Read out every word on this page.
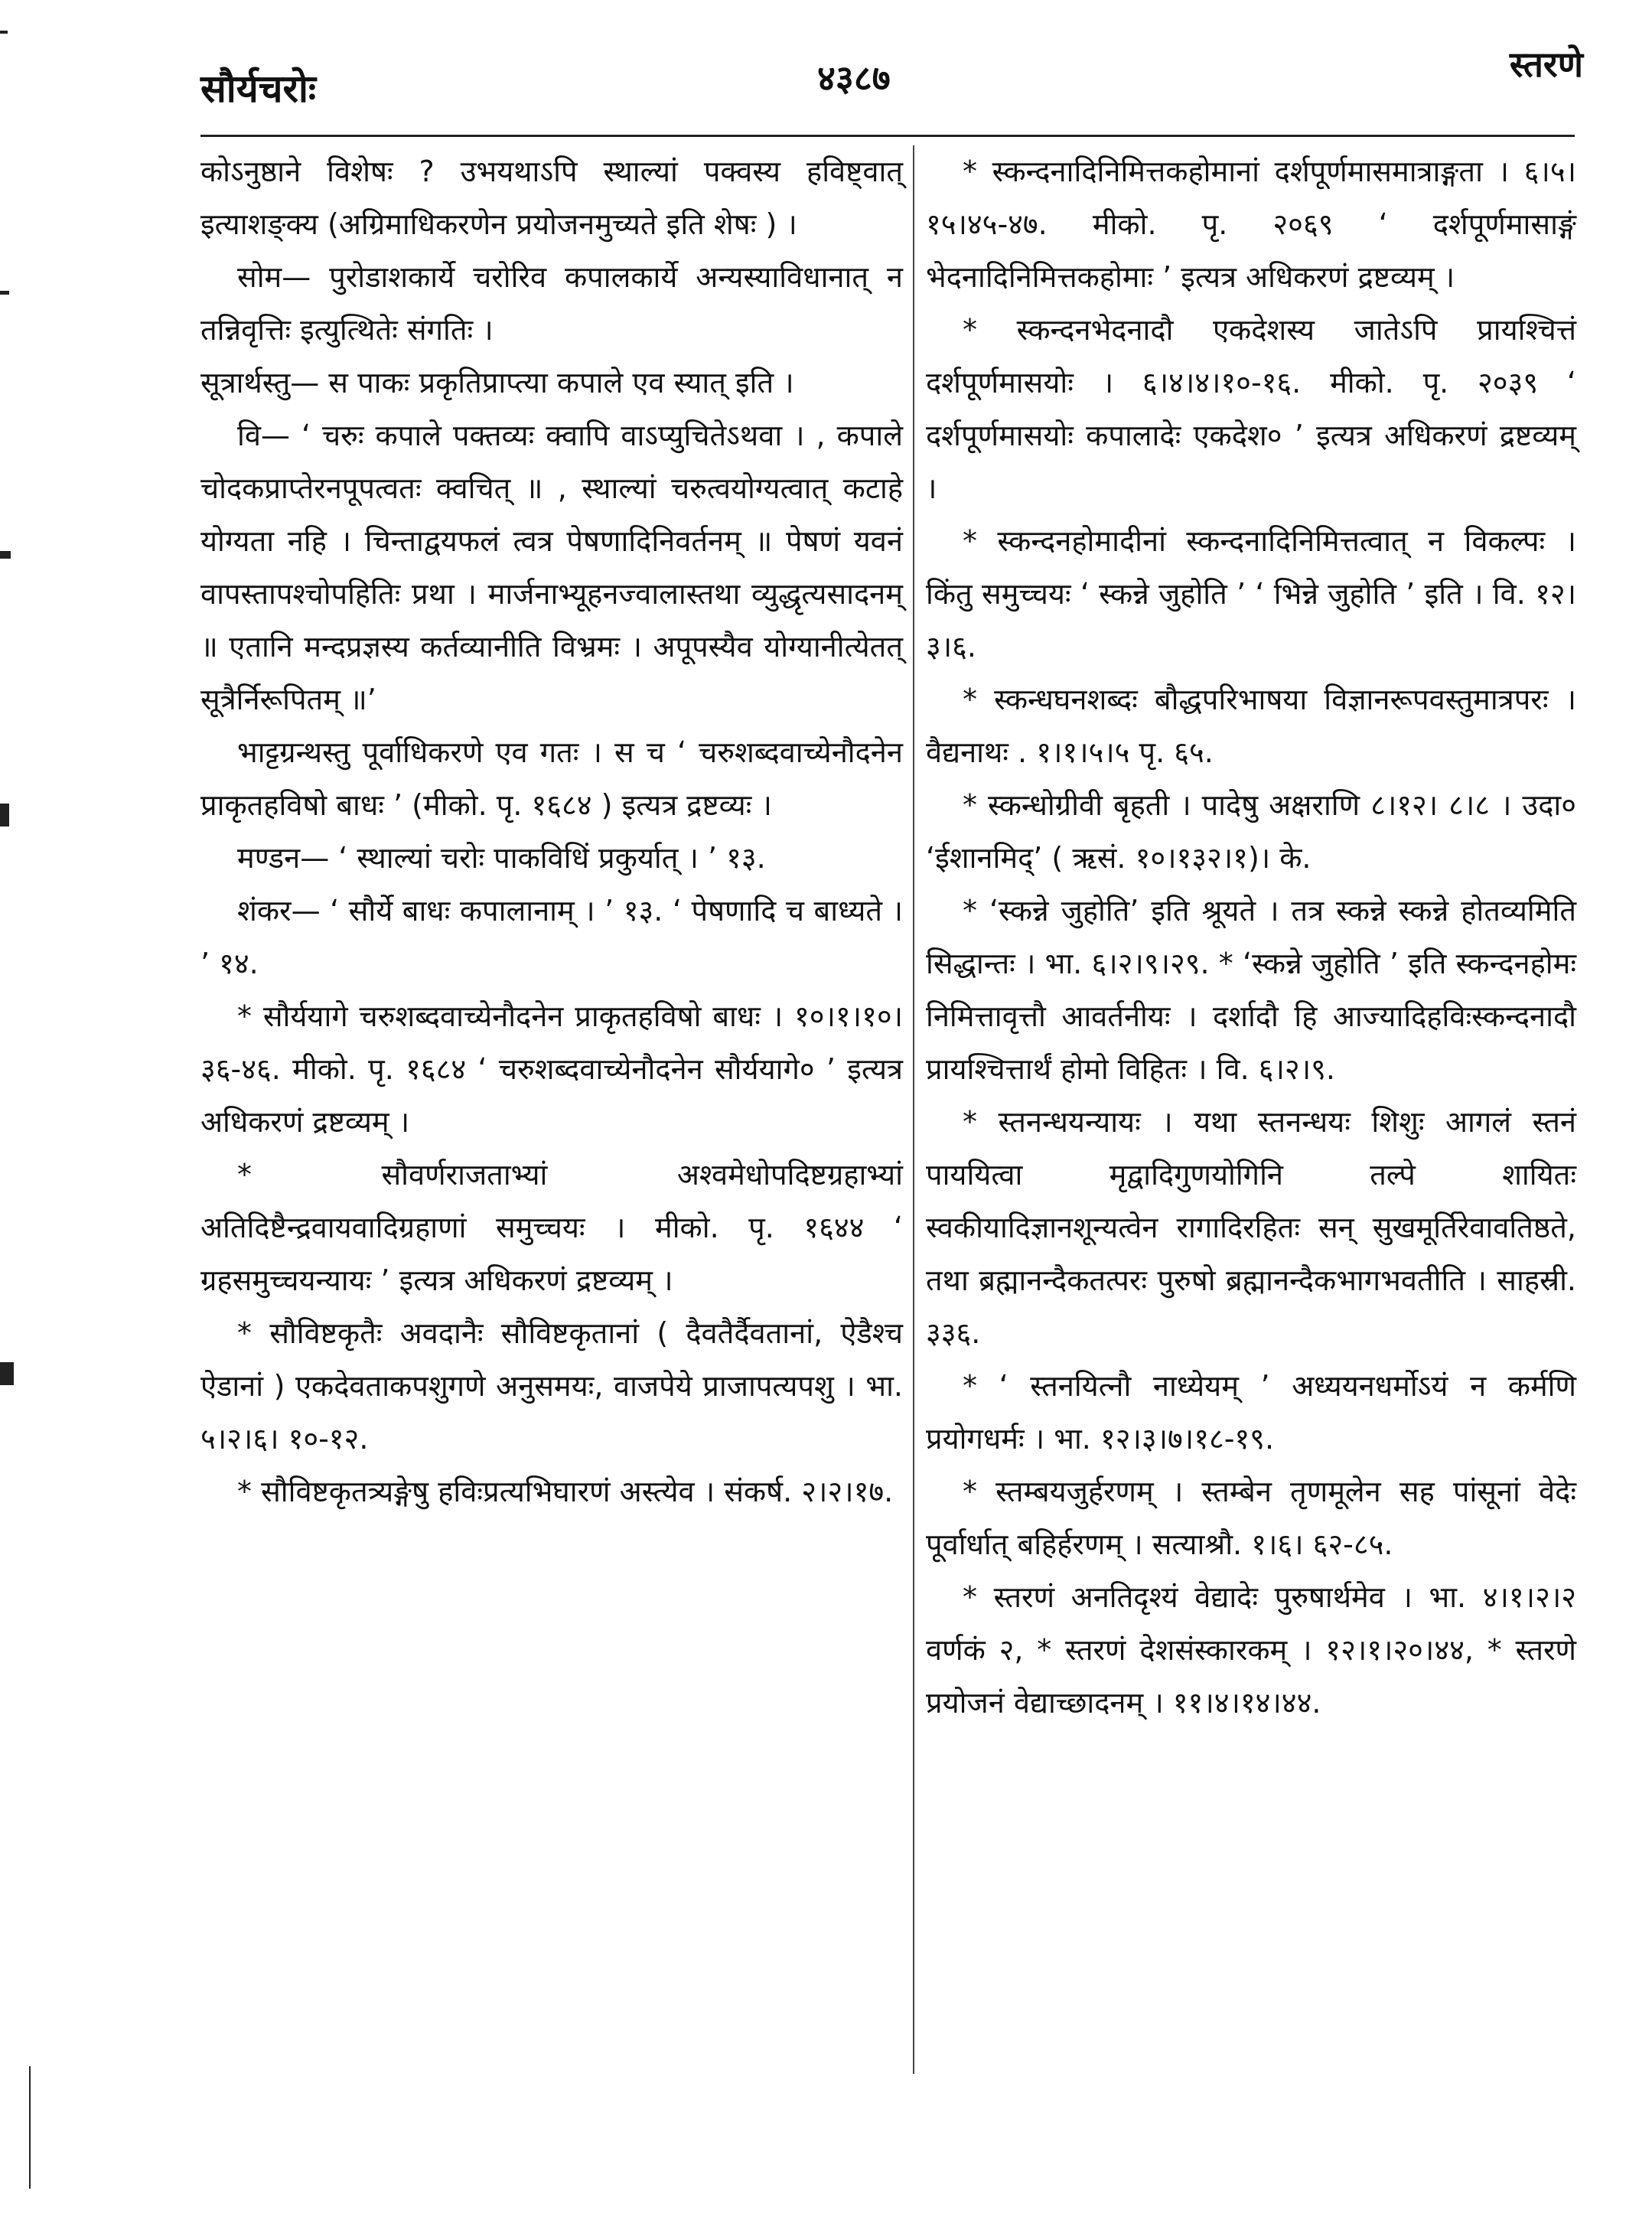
सौर्यचरोः	४३८७	स्तरणे

कोऽनुष्ठाने विशेषः ? उभयथाऽपि स्थाल्यां पक्वस्य हविष्ट्वात् इत्याशङ्क्य (अग्रिमाधिकरणेन प्रयोजनमुच्यते इति शेषः ) ।

सोम— पुरोडाशकार्ये चरोरिव कपालकार्ये अन्यस्याविधानात् न तन्निवृत्तिः इत्युत्थितेः संगतिः ।

सूत्रार्थस्तु— स पाकः प्रकृतिप्राप्त्या कपाले एव स्यात् इति ।

वि— ‘ चरुः कपाले पक्तव्यः क्वापि वाऽप्युचितेऽथवा । , कपाले चोदकप्राप्तेरनपूपत्वतः क्वचित् ॥ , स्थाल्यां चरुत्वयोग्यत्वात् कटाहे योग्यता नहि । चिन्ताद्वयफलं त्वत्र पेषणादिनिवर्तनम् ॥ पेषणं यवनं वापस्तापश्चोपहितिः प्रथा । मार्जनाभ्यूहनज्वालास्तथा व्युद्धृत्यसादनम् ॥ एतानि मन्दप्रज्ञस्य कर्तव्यानीति विभ्रमः । अपूपस्यैव योग्यानीत्येतत् सूत्रैर्निरूपितम् ॥’

भाट्टग्रन्थस्तु पूर्वाधिकरणे एव गतः । स च ‘ चरुशब्दवाच्येनौदनेन प्राकृतहविषो बाधः ’ (मीको. पृ. १६८४ ) इत्यत्र द्रष्टव्यः ।

मण्डन— ‘ स्थाल्यां चरोः पाकविधिं प्रकुर्यात् । ’ १३.

शंकर— ‘ सौर्ये बाधः कपालानाम् । ’ १३. ‘ पेषणादि च बाध्यते । ’ १४.

* सौर्ययागे चरुशब्दवाच्येनौदनेन प्राकृतहविषो बाधः । १०।१।१०।३६-४६. मीको. पृ. १६८४ ‘ चरुशब्दवाच्येनौदनेन सौर्ययागे० ’ इत्यत्र अधिकरणं द्रष्टव्यम् ।

* सौवर्णराजताभ्यां अश्वमेधोपदिष्टग्रहाभ्यां अतिदिष्टैन्द्रवायवादिग्रहाणां समुच्चयः । मीको. पृ. १६४४ ‘ ग्रहसमुच्चयन्यायः ’ इत्यत्र अधिकरणं द्रष्टव्यम् ।

* सौविष्टकृतैः अवदानैः सौविष्टकृतानां ( दैवतैर्दैवतानां, ऐडैश्च ऐडानां ) एकदेवताकपशुगणे अनुसमयः, वाजपेये प्राजापत्यपशु । भा. ५।२।६। १०-१२.

* सौविष्टकृतत्र्यङ्गेषु हविःप्रत्यभिघारणं अस्त्येव । संकर्ष. २।२।१७.

* स्कन्दनादिनिमित्तकहोमानां दर्शपूर्णमासमात्राङ्गता । ६।५।१५।४५-४७. मीको. पृ. २०६९ ‘ दर्शपूर्णमासाङ्गं भेदनादिनिमित्तकहोमाः ’ इत्यत्र अधिकरणं द्रष्टव्यम् ।

* स्कन्दनभेदनादौ एकदेशस्य जातेऽपि प्रायश्चित्तं दर्शपूर्णमासयोः । ६।४।४।१०-१६. मीको. पृ. २०३९ ‘ दर्शपूर्णमासयोः कपालादेः एकदेश० ’ इत्यत्र अधिकरणं द्रष्टव्यम् ।

* स्कन्दनहोमादीनां स्कन्दनादिनिमित्तत्वात् न विकल्पः । किंतु समुच्चयः ‘ स्कन्ने जुहोति ’ ‘ भिन्ने जुहोति ’ इति । वि. १२।३।६.

* स्कन्धघनशब्दः बौद्धपरिभाषया विज्ञानरूपवस्तुमात्रपरः । वैद्यनाथः . १।१।५।५ पृ. ६५.

* स्कन्धोग्रीवी बृहती । पादेषु अक्षराणि ८।१२। ८।८ । उदा० ‘ईशानमिद्’ ( ऋसं. १०।१३२।१)। के.

* ‘स्कन्ने जुहोति’ इति श्रूयते । तत्र स्कन्ने स्कन्ने होतव्यमिति सिद्धान्तः । भा. ६।२।९।२९. * ‘स्कन्ने जुहोति ’ इति स्कन्दनहोमः निमित्तावृत्तौ आवर्तनीयः । दर्शादौ हि आज्यादिहविःस्कन्दनादौ प्रायश्चित्तार्थं होमो विहितः । वि. ६।२।९.

* स्तनन्धयन्यायः । यथा स्तनन्धयः शिशुः आगलं स्तनं पाययित्वा मृद्वादिगुणयोगिनि तल्पे शायितः स्वकीयादिज्ञानशून्यत्वेन रागादिरहितः सन् सुखमूर्तिरेवावतिष्ठते, तथा ब्रह्मानन्दैकतत्परः पुरुषो ब्रह्मानन्दैकभागभवतीति । साहस्री. ३३६.

* ‘ स्तनयित्नौ नाध्येयम् ’ अध्ययनधर्मोऽयं न कर्मणि प्रयोगधर्मः । भा. १२।३।७।१८-१९.

* स्तम्बयजुर्हरणम् । स्तम्बेन तृणमूलेन सह पांसूनां वेदेः पूर्वार्धात् बहिर्हरणम् । सत्याश्रौ. १।६। ६२-८५.

* स्तरणं अनतिदृश्यं वेद्यादेः पुरुषार्थमेव । भा. ४।१।२।२ वर्णकं २, * स्तरणं देशसंस्कारकम् । १२।१।२०।४४, * स्तरणे प्रयोजनं वेद्याच्छादनम् । ११।४।१४।४४.
